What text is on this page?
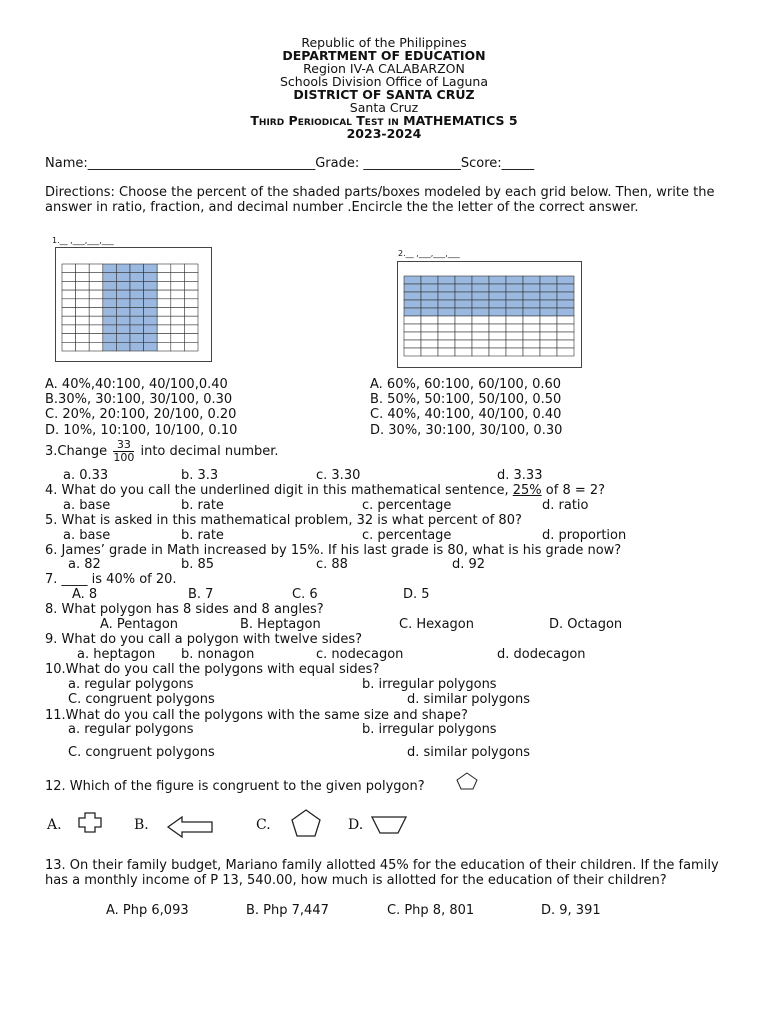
Republic of the Philippines
DEPARTMENT OF EDUCATION
Region IV-A CALABARZON
Schools Division Office of Laguna
DISTRICT OF SANTA CRUZ
Santa Cruz
Third Periodical Test in MATHEMATICS 5
2023-2024
Name:___________________________________Grade: _______________Score:_____
Directions: Choose the percent of the shaded parts/boxes modeled by each grid below. Then, write the answer in ratio, fraction, and decimal number .Encircle the the letter of the correct answer.
1.__ ,___,___,___
2.__ ,___,___,___
A. 40%,40:100, 40/100,0.40
B.30%, 30:100, 30/100, 0.30
C. 20%, 20:100, 20/100, 0.20
D. 10%, 10:100, 10/100, 0.10
A. 60%, 60:100, 60/100, 0.60
B. 50%, 50:100, 50/100, 0.50
C. 40%, 40:100, 40/100, 0.40
D. 30%, 30:100, 30/100, 0.30
3.Change $\frac{33}{100}$ into decimal number.
a. 0.33	b. 3.3	c. 3.30	d. 3.33
4. What do you call the underlined digit in this mathematical sentence, 25% of 8 = 2?
a. base	b. rate	c. percentage	d. ratio
5. What is asked in this mathematical problem, 32 is what percent of 80?
a. base	b. rate	c. percentage	d. proportion
6. James’ grade in Math increased by 15%. If his last grade is 80, what is his grade now?
a. 82	b. 85	c. 88	d. 92
7. ____ is 40% of 20.
A. 8	B. 7	C. 6	D. 5
8. What polygon has 8 sides and 8 angles?
A. Pentagon	B. Heptagon	C. Hexagon	D. Octagon
9. What do you call a polygon with twelve sides?
a. heptagon b. nonagon	c. nodecagon	d. dodecagon
10.What do you call the polygons with equal sides?
a. regular polygons	b. irregular polygons
C. congruent polygons	d. similar polygons
11.What do you call the polygons with the same size and shape?
a. regular polygons	b. irregular polygons
C. congruent polygons	d. similar polygons
12. Which of the figure is congruent to the given polygon?
A.	B.	C.	D.
13. On their family budget, Mariano family allotted 45% for the education of their children. If the family has a monthly income of P 13, 540.00, how much is allotted for the education of their children?
A. Php 6,093	B. Php 7,447	C. Php 8, 801	D. 9, 391
